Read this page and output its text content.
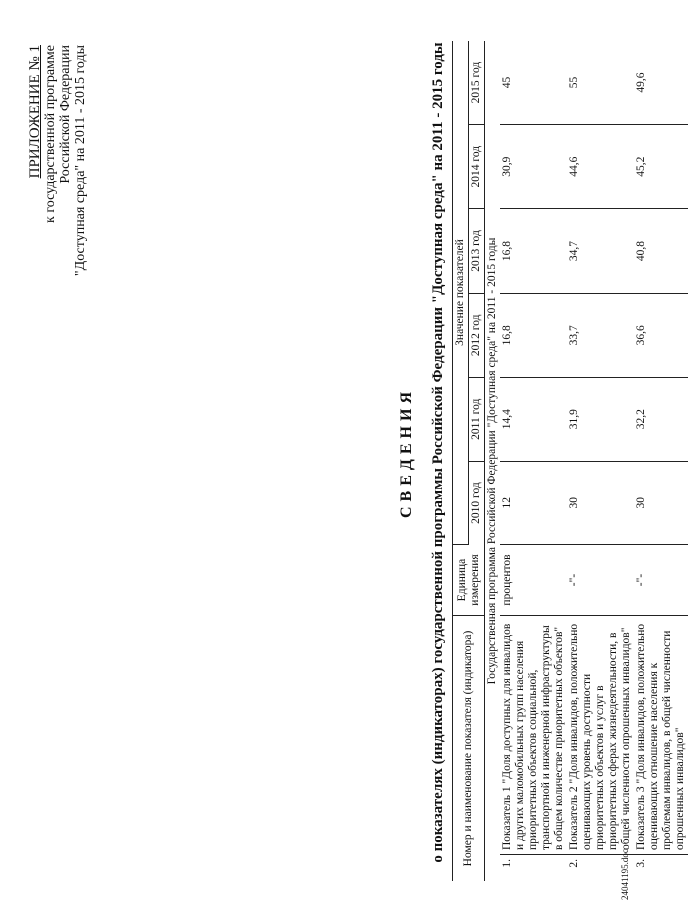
ПРИЛОЖЕНИЕ № 1 к государственной программе Российской Федерации "Доступная среда" на 2011 - 2015 годы
СВЕДЕНИЯ о показателях (индикаторах) государственной программы Российской Федерации "Доступная среда" на 2011 - 2015 годы Номер и наименование показателя (индикатора)		Единица измерения	Значение показателей					
			2010 год	2011 год	2012 год	2013 год	2014 год	2015 год
Государственная программа Российской Федерации "Доступная среда" на 2011 - 2015 годы								
1.	Показатель 1 "Доля доступных для инвалидов и других маломобильных групп населения приоритетных объектов социальной, транспортной и инженерной инфраструктуры в общем количестве приоритетных объектов"	процентов	12	14,4	16,8	16,8	30,9	45
2.	Показатель 2 "Доля инвалидов, положительно оценивающих уровень доступности приоритетных объектов и услуг в приоритетных сферах жизнедеятельности, в общей численности опрошенных инвалидов"	-"-	30	31,9	33,7	34,7	44,6	55
3.	Показатель 3 "Доля инвалидов, положительно оценивающих отношение населения к проблемам инвалидов, в общей численности опрошенных инвалидов"	-"-	30	32,2	36,6	40,8	45,2	49,6
24041195.doc
